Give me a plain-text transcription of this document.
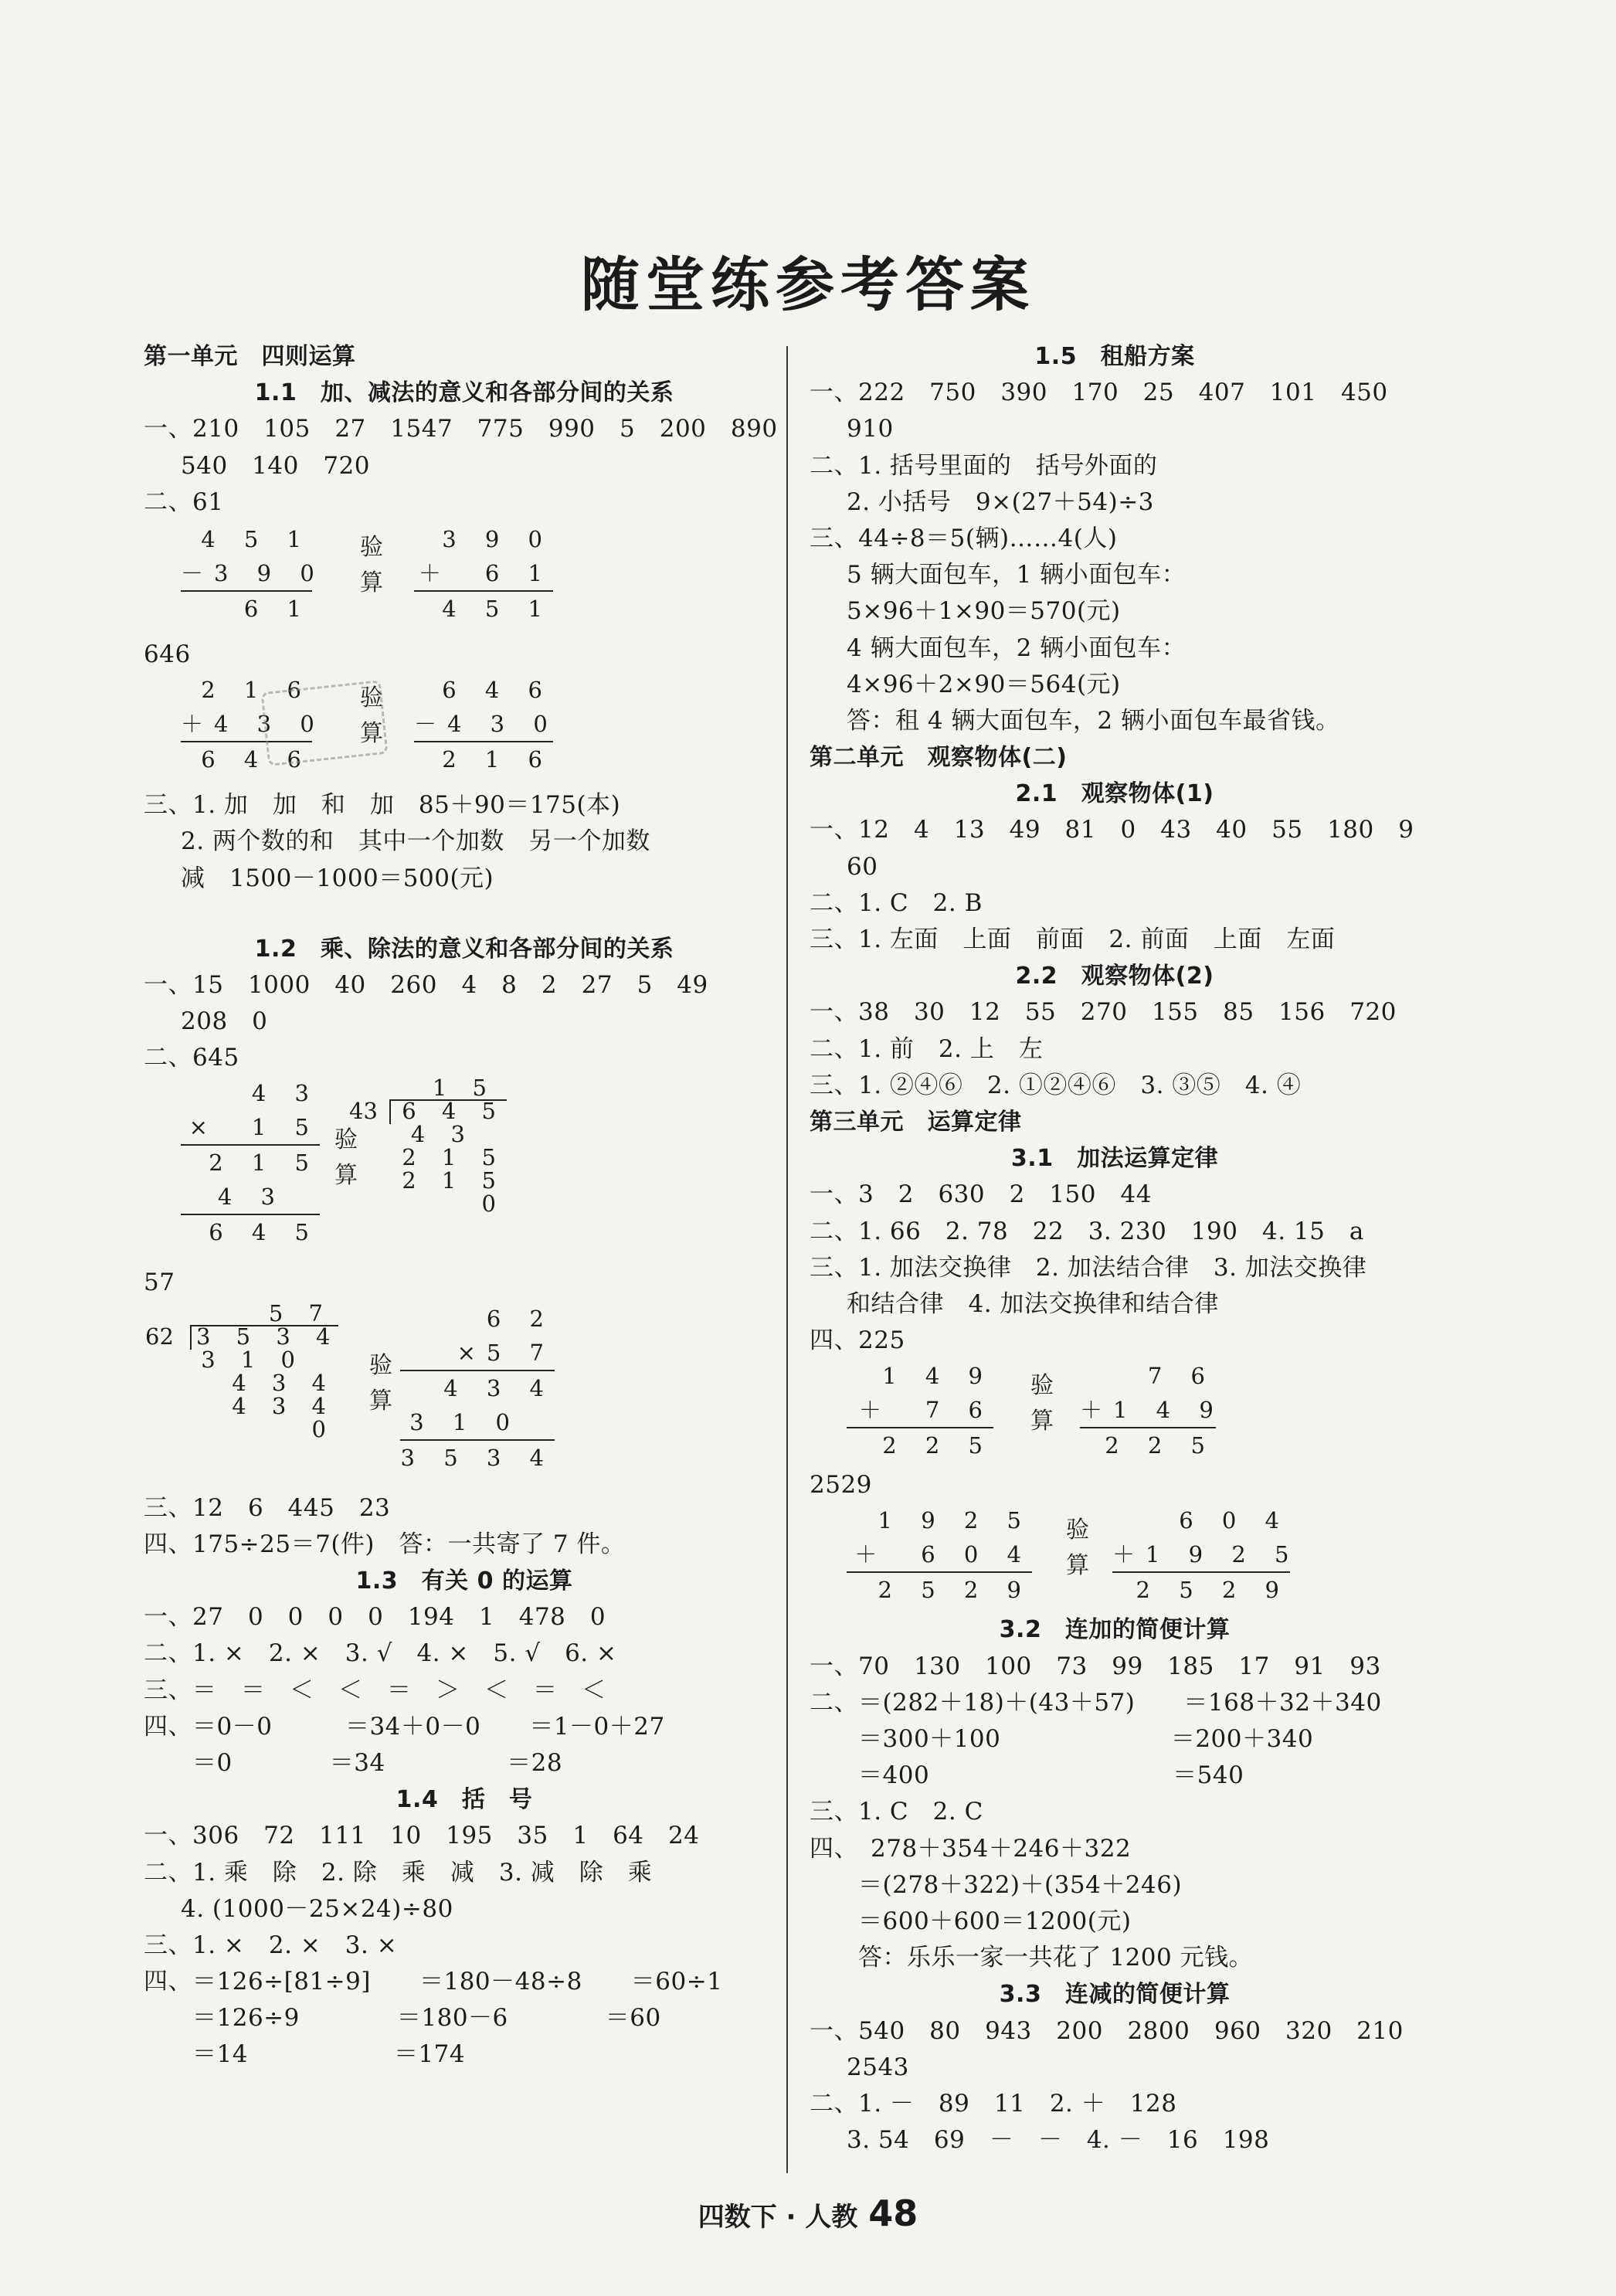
随堂练参考答案
第一单元　四则运算
1.1　加、减法的意义和各部分间的关系
一、210　105　27　1547　775　990　5　200　890
540　140　720
二、61
4 5 1
－3 9 0
6 1
验
算
3 9 0
＋　6 1
4 5 1
646
2 1 6
＋4 3 0
6 4 6
验
算
6 4 6
－4 3 0
2 1 6
三、1. 加　加　和　加　85＋90＝175(本)
2. 两个数的和　其中一个加数　另一个加数
减　1500－1000＝500(元)
1.2　乘、除法的意义和各部分间的关系
一、15　1000　40　260　4　8　2　27　5　49
208　0
二、645
4 3
×　1 5
2 1 5
4 3
6 4 5
验
算
1 5
43 6 4 5
4 3
2 1 5
2 1 5
0
57
5 7
62 3 5 3 4
3 1 0
4 3 4
4 3 4
0
验
算
6 2
×5 7
4 3 4
3 1 0
3 5 3 4
三、12　6　445　23
四、175÷25＝7(件)　答：一共寄了 7 件。
1.3　有关 0 的运算
一、27　0　0　0　0　194　1　478　0
二、1. ×　2. ×　3. √　4. ×　5. √　6. ×
三、＝　＝　＜　＜　＝　＞　＜　＝　＜
四、＝0－0　　　＝34＋0－0　　＝1－0＋27
　　＝0　　　　＝34　　　　　＝28
1.4　括　号
一、306　72　111　10　195　35　1　64　24
二、1. 乘　除　2. 除　乘　减　3. 减　除　乘
4. (1000－25×24)÷80
三、1. ×　2. ×　3. ×
四、＝126÷[81÷9]　　＝180－48÷8　　＝60÷1
　　＝126÷9　　　　＝180－6　　　　＝60
　　＝14　　　　　　＝174
1.5　租船方案
一、222　750　390　170　25　407　101　450
910
二、1. 括号里面的　括号外面的
2. 小括号　9×(27＋54)÷3
三、44÷8＝5(辆)……4(人)
5 辆大面包车，1 辆小面包车：
5×96＋1×90＝570(元)
4 辆大面包车，2 辆小面包车：
4×96＋2×90＝564(元)
答：租 4 辆大面包车，2 辆小面包车最省钱。
第二单元　观察物体(二)
2.1　观察物体(1)
一、12　4　13　49　81　0　43　40　55　180　9
60
二、1. C　2. B
三、1. 左面　上面　前面　2. 前面　上面　左面
2.2　观察物体(2)
一、38　30　12　55　270　155　85　156　720
二、1. 前　2. 上　左
三、1. ②④⑥　2. ①②④⑥　3. ③⑤　4. ④
第三单元　运算定律
3.1　加法运算定律
一、3　2　630　2　150　44
二、1. 66　2. 78　22　3. 230　190　4. 15　a
三、1. 加法交换律　2. 加法结合律　3. 加法交换律
和结合律　4. 加法交换律和结合律
四、225
1 4 9
＋　7 6
2 2 5
验
算
7 6
＋1 4 9
2 2 5
2529
1 9 2 5
＋　6 0 4
2 5 2 9
验
算
6 0 4
＋1 9 2 5
2 5 2 9
3.2　连加的简便计算
一、70　130　100　73　99　185　17　91　93
二、＝(282＋18)＋(43＋57)　　＝168＋32＋340
　　＝300＋100　　　　　　　＝200＋340
　　＝400　　　　　　　　　　＝540
三、1. C　2. C
四、　278＋354＋246＋322
　　＝(278＋322)＋(354＋246)
　　＝600＋600＝1200(元)
　　答：乐乐一家一共花了 1200 元钱。
3.3　连减的简便计算
一、540　80　943　200　2800　960　320　210
2543
二、1. －　89　11　2. ＋　128
3. 54　69　－　－　4. －　16　198
四数下 · 人教 48
